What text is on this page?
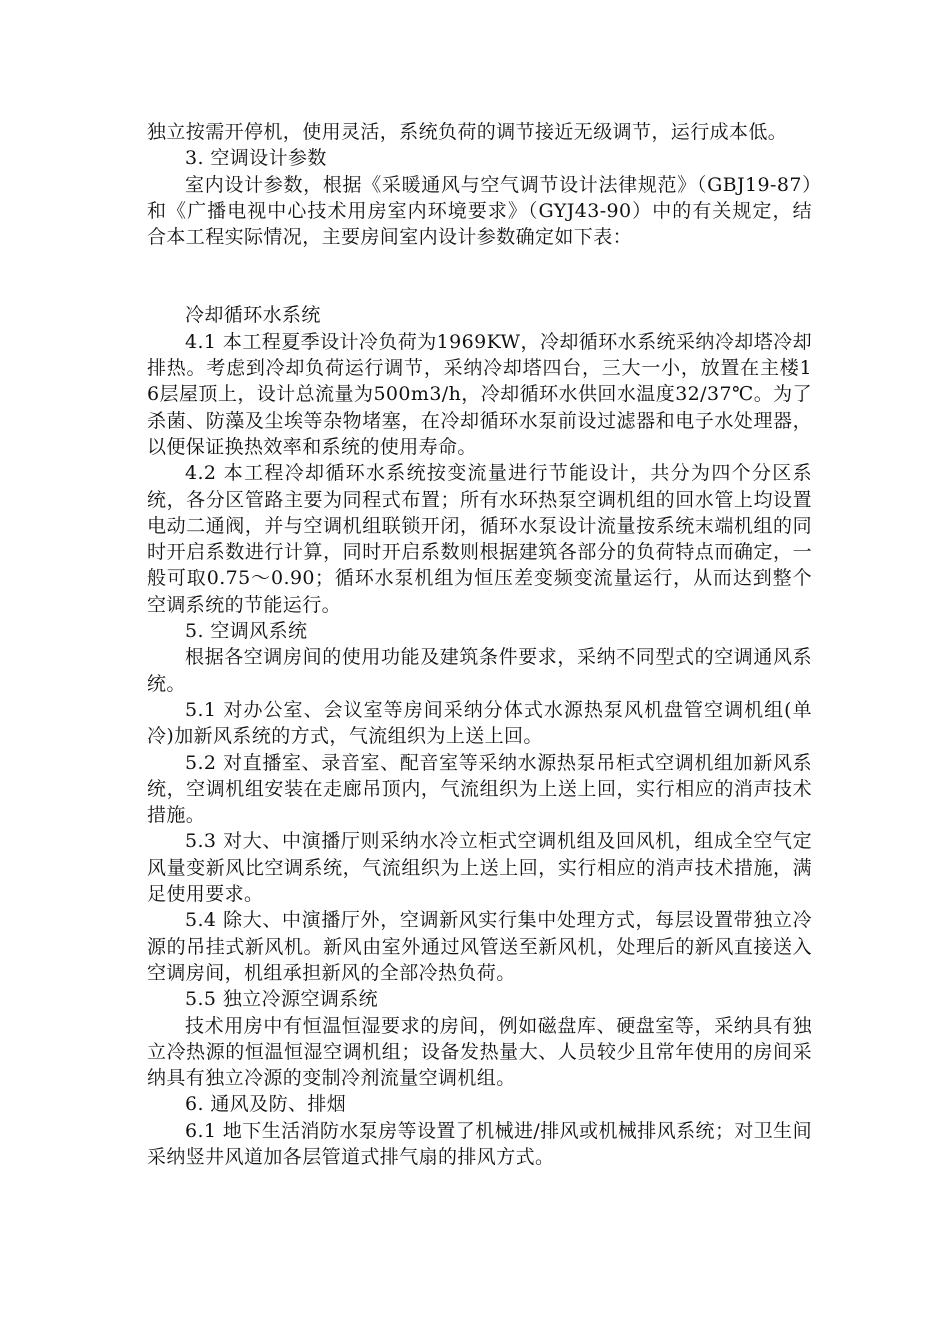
独立按需开停机，使用灵活，系统负荷的调节接近无级调节，运行成本低。

3. 空调设计参数

室内设计参数，根据《采暖通风与空气调节设计法律规范》（GBJ19-87）和《广播电视中心技术用房室内环境要求》（GYJ43-90）中的有关规定，结合本工程实际情况，主要房间室内设计参数确定如下表：

冷却循环水系统

4.1 本工程夏季设计冷负荷为1969KW，冷却循环水系统采纳冷却塔冷却排热。考虑到冷却负荷运行调节，采纳冷却塔四台，三大一小，放置在主楼16层屋顶上，设计总流量为500m3/h，冷却循环水供回水温度32/37℃。为了杀菌、防藻及尘埃等杂物堵塞，在冷却循环水泵前设过滤器和电子水处理器，以便保证换热效率和系统的使用寿命。

4.2 本工程冷却循环水系统按变流量进行节能设计，共分为四个分区系统，各分区管路主要为同程式布置；所有水环热泵空调机组的回水管上均设置电动二通阀，并与空调机组联锁开闭，循环水泵设计流量按系统末端机组的同时开启系数进行计算，同时开启系数则根据建筑各部分的负荷特点而确定，一般可取0.75～0.90；循环水泵机组为恒压差变频变流量运行，从而达到整个空调系统的节能运行。

5. 空调风系统

根据各空调房间的使用功能及建筑条件要求，采纳不同型式的空调通风系统。

5.1 对办公室、会议室等房间采纳分体式水源热泵风机盘管空调机组(单冷)加新风系统的方式，气流组织为上送上回。

5.2 对直播室、录音室、配音室等采纳水源热泵吊柜式空调机组加新风系统，空调机组安装在走廊吊顶内，气流组织为上送上回，实行相应的消声技术措施。

5.3 对大、中演播厅则采纳水冷立柜式空调机组及回风机，组成全空气定风量变新风比空调系统，气流组织为上送上回，实行相应的消声技术措施，满足使用要求。

5.4 除大、中演播厅外，空调新风实行集中处理方式，每层设置带独立冷源的吊挂式新风机。新风由室外通过风管送至新风机，处理后的新风直接送入空调房间，机组承担新风的全部冷热负荷。

5.5 独立冷源空调系统

技术用房中有恒温恒湿要求的房间，例如磁盘库、硬盘室等，采纳具有独立冷热源的恒温恒湿空调机组；设备发热量大、人员较少且常年使用的房间采纳具有独立冷源的变制冷剂流量空调机组。

6. 通风及防、排烟

6.1 地下生活消防水泵房等设置了机械进/排风或机械排风系统；对卫生间采纳竖井风道加各层管道式排气扇的排风方式。
